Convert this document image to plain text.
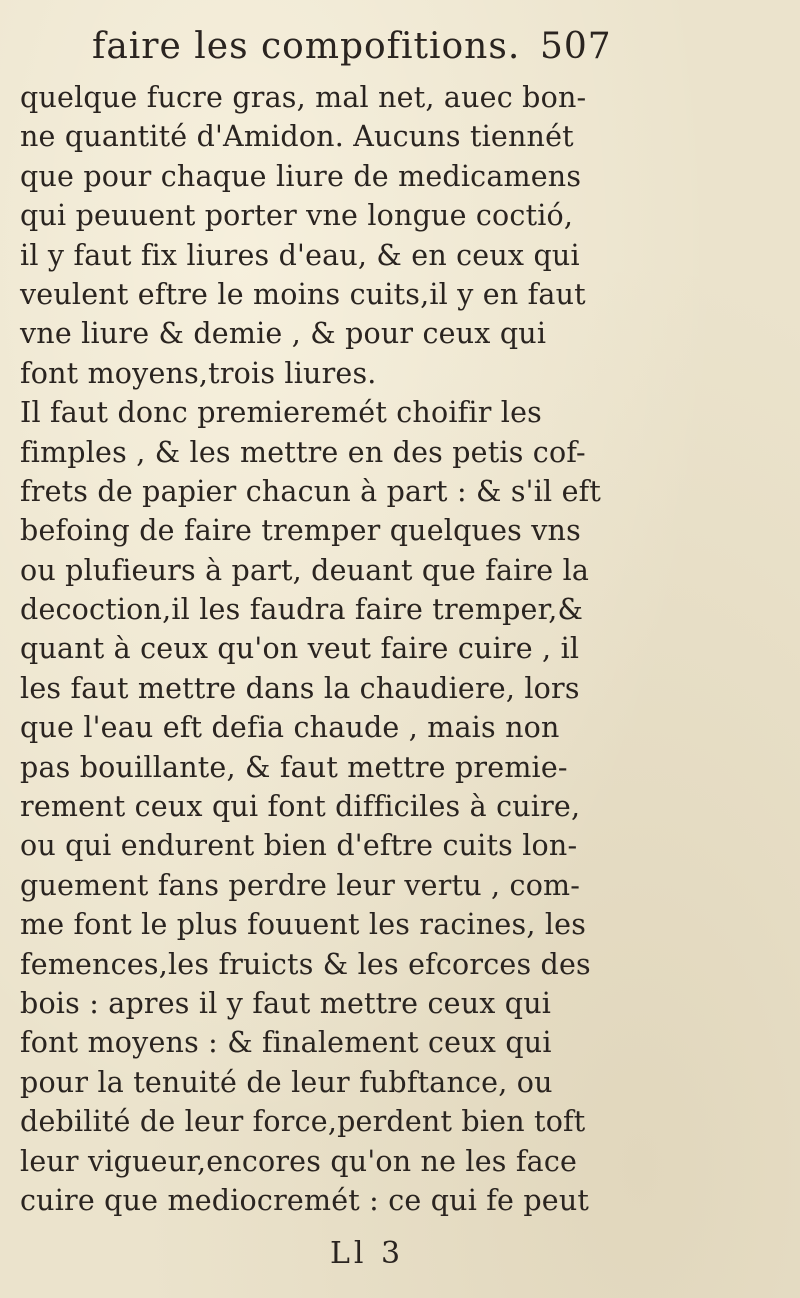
faire les compofitions. 507
quelque fucre gras, mal net, auec bon-
ne quantité d'Amidon. Aucuns tiennét
que pour chaque liure de medicamens
qui peuuent porter vne longue coctió,
il y faut fix liures d'eau, & en ceux qui
veulent eftre le moins cuits,il y en faut
vne liure & demie , & pour ceux qui
font moyens,trois liures.
Il faut donc premieremét choifir les
fimples , & les mettre en des petis cof-
frets de papier chacun à part : & s'il eft
befoing de faire tremper quelques vns
ou plufieurs à part, deuant que faire la
decoction,il les faudra faire tremper,&
quant à ceux qu'on veut faire cuire , il
les faut mettre dans la chaudiere, lors
que l'eau eft defia chaude , mais non
pas bouillante, & faut mettre premie-
rement ceux qui font difficiles à cuire,
ou qui endurent bien d'eftre cuits lon-
guement fans perdre leur vertu , com-
me font le plus fouuent les racines, les
femences,les fruicts & les efcorces des
bois : apres il y faut mettre ceux qui
font moyens : & finalement ceux qui
pour la tenuité de leur fubftance, ou
debilité de leur force,perdent bien toft
leur vigueur,encores qu'on ne les face
cuire que mediocremét : ce qui fe peut
Ll 3
